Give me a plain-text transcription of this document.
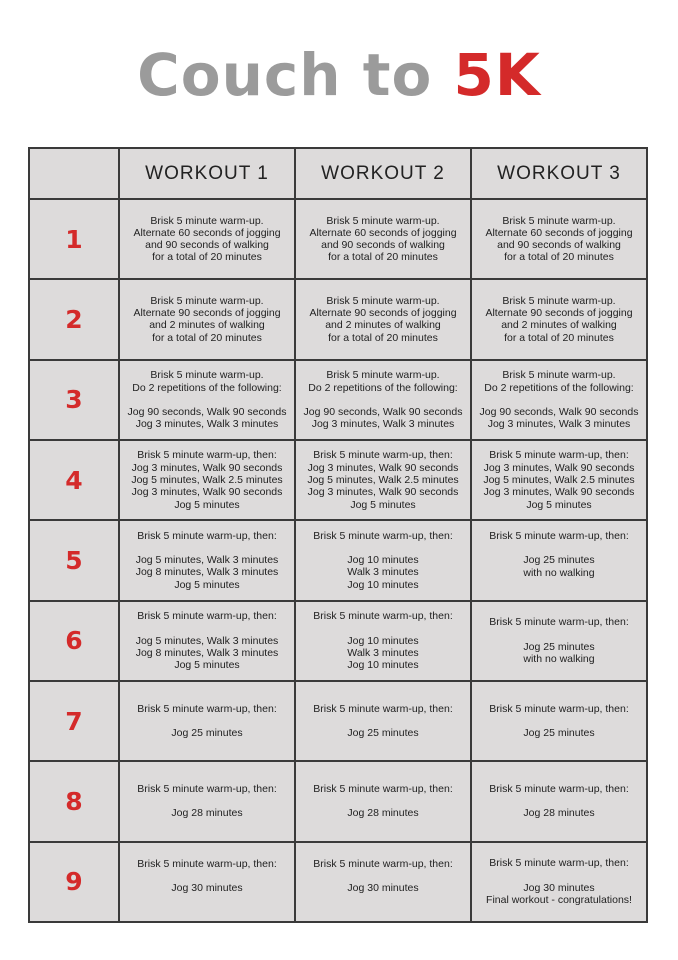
Couch to 5K
	WORKOUT 1	WORKOUT 2	WORKOUT 3
1	Brisk 5 minute warm-up.
Alternate 60 seconds of jogging
and 90 seconds of walking
for a total of 20 minutes	Brisk 5 minute warm-up.
Alternate 60 seconds of jogging
and 90 seconds of walking
for a total of 20 minutes	Brisk 5 minute warm-up.
Alternate 60 seconds of jogging
and 90 seconds of walking
for a total of 20 minutes

2	Brisk 5 minute warm-up.
Alternate 90 seconds of jogging
and 2 minutes of walking
for a total of 20 minutes	Brisk 5 minute warm-up.
Alternate 90 seconds of jogging
and 2 minutes of walking
for a total of 20 minutes	Brisk 5 minute warm-up.
Alternate 90 seconds of jogging
and 2 minutes of walking
for a total of 20 minutes

3	Brisk 5 minute warm-up.
Do 2 repetitions of the following:
Jog 90 seconds, Walk 90 seconds
Jog 3 minutes, Walk 3 minutes	Brisk 5 minute warm-up.
Do 2 repetitions of the following:
Jog 90 seconds, Walk 90 seconds
Jog 3 minutes, Walk 3 minutes	Brisk 5 minute warm-up.
Do 2 repetitions of the following:
Jog 90 seconds, Walk 90 seconds
Jog 3 minutes, Walk 3 minutes

4	Brisk 5 minute warm-up, then:
Jog 3 minutes, Walk 90 seconds
Jog 5 minutes, Walk 2.5 minutes
Jog 3 minutes, Walk 90 seconds
Jog 5 minutes	Brisk 5 minute warm-up, then:
Jog 3 minutes, Walk 90 seconds
Jog 5 minutes, Walk 2.5 minutes
Jog 3 minutes, Walk 90 seconds
Jog 5 minutes	Brisk 5 minute warm-up, then:
Jog 3 minutes, Walk 90 seconds
Jog 5 minutes, Walk 2.5 minutes
Jog 3 minutes, Walk 90 seconds
Jog 5 minutes

5	Brisk 5 minute warm-up, then:
Jog 5 minutes, Walk 3 minutes
Jog 8 minutes, Walk 3 minutes
Jog 5 minutes	Brisk 5 minute warm-up, then:
Jog 10 minutes
Walk 3 minutes
Jog 10 minutes	Brisk 5 minute warm-up, then:
Jog 25 minutes
with no walking

6	Brisk 5 minute warm-up, then:
Jog 5 minutes, Walk 3 minutes
Jog 8 minutes, Walk 3 minutes
Jog 5 minutes	Brisk 5 minute warm-up, then:
Jog 10 minutes
Walk 3 minutes
Jog 10 minutes	Brisk 5 minute warm-up, then:
Jog 25 minutes
with no walking

7	Brisk 5 minute warm-up, then:
Jog 25 minutes	Brisk 5 minute warm-up, then:
Jog 25 minutes	Brisk 5 minute warm-up, then:
Jog 25 minutes

8	Brisk 5 minute warm-up, then:
Jog 28 minutes	Brisk 5 minute warm-up, then:
Jog 28 minutes	Brisk 5 minute warm-up, then:
Jog 28 minutes

9	Brisk 5 minute warm-up, then:
Jog 30 minutes	Brisk 5 minute warm-up, then:
Jog 30 minutes	Brisk 5 minute warm-up, then:
Jog 30 minutes
Final workout - congratulations!
